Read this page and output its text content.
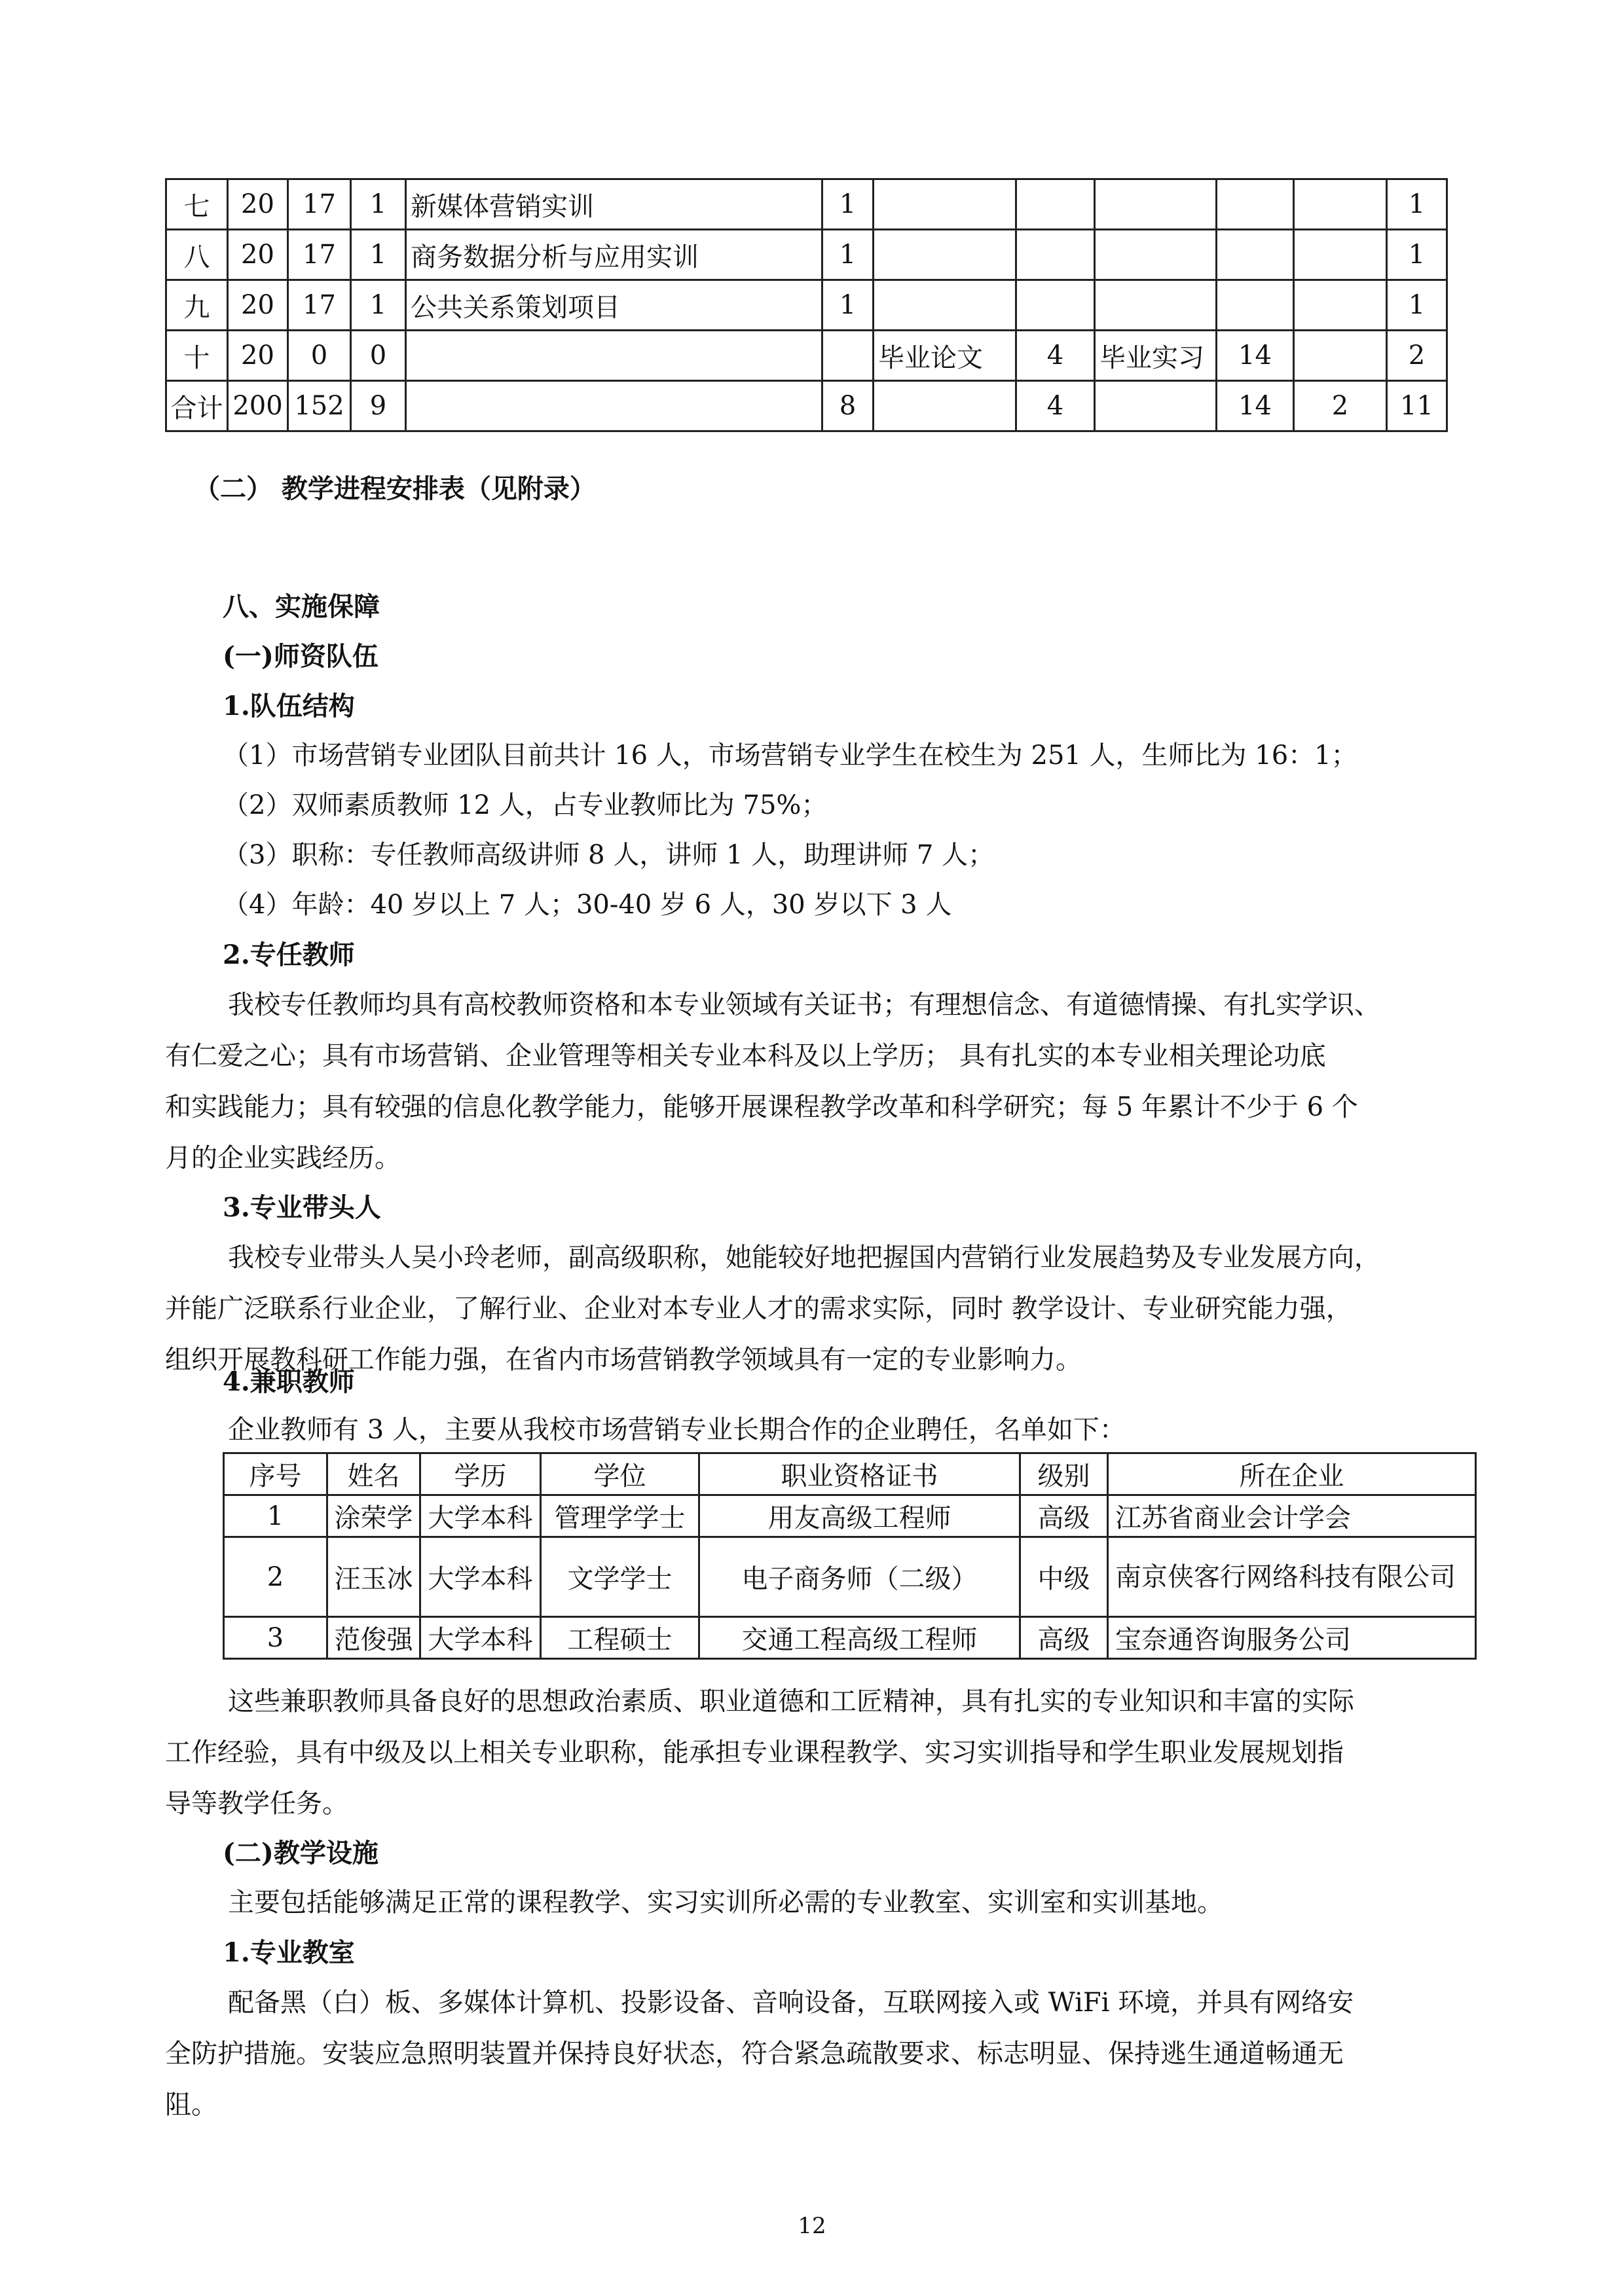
七	20	17	1	新媒体营销实训	1						1
八	20	17	1	商务数据分析与应用实训	1						1
九	20	17	1	公共关系策划项目	1						1
十	20	0	0			毕业论文	4	毕业实习	14		2
合计	200	152	9		8		4		14	2	11
（二） 教学进程安排表（见附录）
八、实施保障
(一)师资队伍
1.队伍结构
（1）市场营销专业团队目前共计 16 人，市场营销专业学生在校生为 251 人，生师比为 16：1；
（2）双师素质教师 12 人，占专业教师比为 75%；
（3）职称：专任教师高级讲师 8 人，讲师 1 人，助理讲师 7 人；
（4）年龄：40 岁以上 7 人；30-40 岁 6 人，30 岁以下 3 人
2.专任教师
我校专任教师均具有高校教师资格和本专业领域有关证书；有理想信念、有道德情操、有扎实学识、
有仁爱之心；具有市场营销、企业管理等相关专业本科及以上学历； 具有扎实的本专业相关理论功底
和实践能力；具有较强的信息化教学能力，能够开展课程教学改革和科学研究；每 5 年累计不少于 6 个
月的企业实践经历。
3.专业带头人
我校专业带头人吴小玲老师，副高级职称，她能较好地把握国内营销行业发展趋势及专业发展方向，
并能广泛联系行业企业，了解行业、企业对本专业人才的需求实际，同时 教学设计、专业研究能力强，
组织开展教科研工作能力强，在省内市场营销教学领域具有一定的专业影响力。
4.兼职教师
企业教师有 3 人，主要从我校市场营销专业长期合作的企业聘任，名单如下：
序号	姓名	学历	学位	职业资格证书	级别	所在企业
1	涂荣学	大学本科	管理学学士	用友高级工程师	高级	江苏省商业会计学会
2	汪玉冰	大学本科	文学学士	电子商务师（二级）	中级	南京侠客行网络科技有限公司
3	范俊强	大学本科	工程硕士	交通工程高级工程师	高级	宝奈通咨询服务公司
这些兼职教师具备良好的思想政治素质、职业道德和工匠精神，具有扎实的专业知识和丰富的实际
工作经验，具有中级及以上相关专业职称，能承担专业课程教学、实习实训指导和学生职业发展规划指
导等教学任务。
(二)教学设施
主要包括能够满足正常的课程教学、实习实训所必需的专业教室、实训室和实训基地。
1.专业教室
配备黑（白）板、多媒体计算机、投影设备、音响设备，互联网接入或 WiFi 环境，并具有网络安
全防护措施。安装应急照明装置并保持良好状态，符合紧急疏散要求、标志明显、保持逃生通道畅通无
阻。
12
